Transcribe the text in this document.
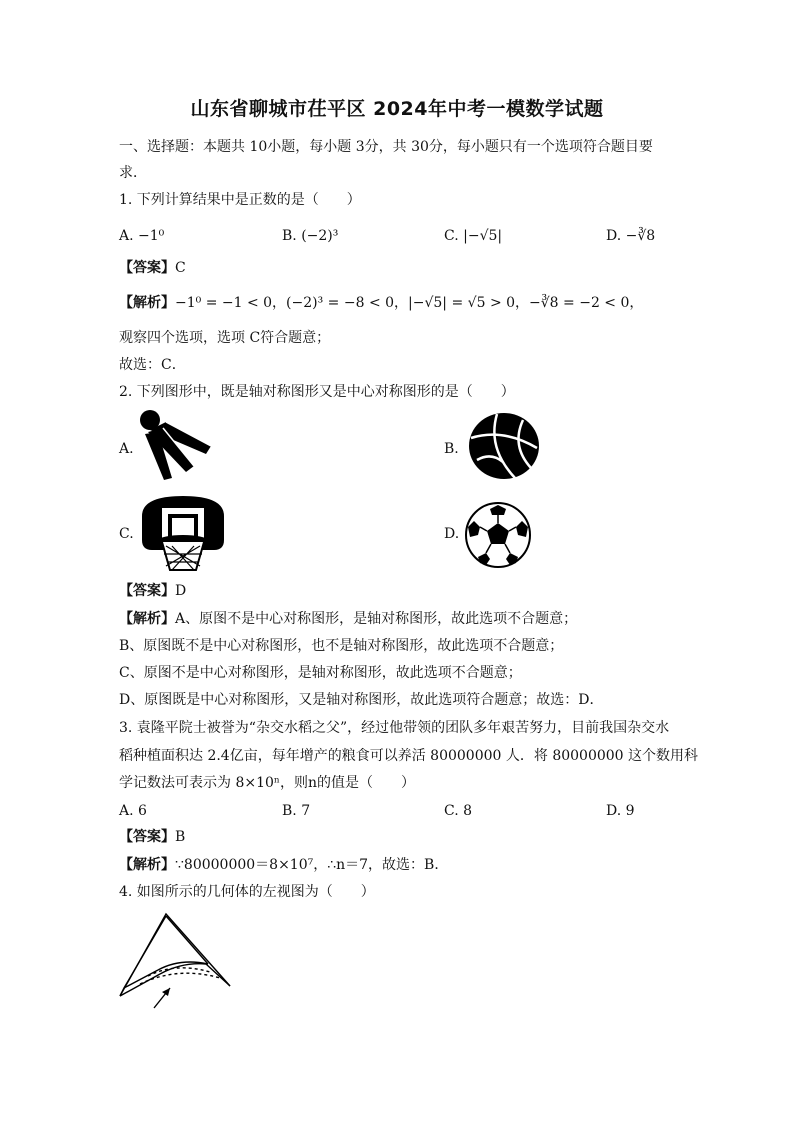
山东省聊城市茌平区 2024年中考一模数学试题
一、选择题：本题共 10小题，每小题 3分，共 30分，每小题只有一个选项符合题目要
求．
1. 下列计算结果中是正数的是（　　）
A. −1⁰	B. (−2)³	C. |−√5|	D. −∛8
【答案】C
【解析】−1⁰ = −1 < 0，(−2)³ = −8 < 0，|−√5| = √5 > 0，−∛8 = −2 < 0，
观察四个选项，选项 C符合题意；
故选：C．
2. 下列图形中，既是轴对称图形又是中心对称图形的是（　　）
A.	B.
C.	D.
【答案】D
【解析】A、原图不是中心对称图形，是轴对称图形，故此选项不合题意；
B、原图既不是中心对称图形，也不是轴对称图形，故此选项不合题意；
C、原图不是中心对称图形，是轴对称图形，故此选项不合题意；
D、原图既是中心对称图形，又是轴对称图形，故此选项符合题意；故选：D．
3. 袁隆平院士被誉为“杂交水稻之父”，经过他带领的团队多年艰苦努力，目前我国杂交水
稻种植面积达 2.4亿亩，每年增产的粮食可以养活 80000000 人．将 80000000 这个数用科
学记数法可表示为 8×10ⁿ，则n的值是（　　）
A. 6	B. 7	C. 8	D. 9
【答案】B
【解析】∵80000000＝8×10⁷，∴n＝7，故选：B．
4. 如图所示的几何体的左视图为（　　）
